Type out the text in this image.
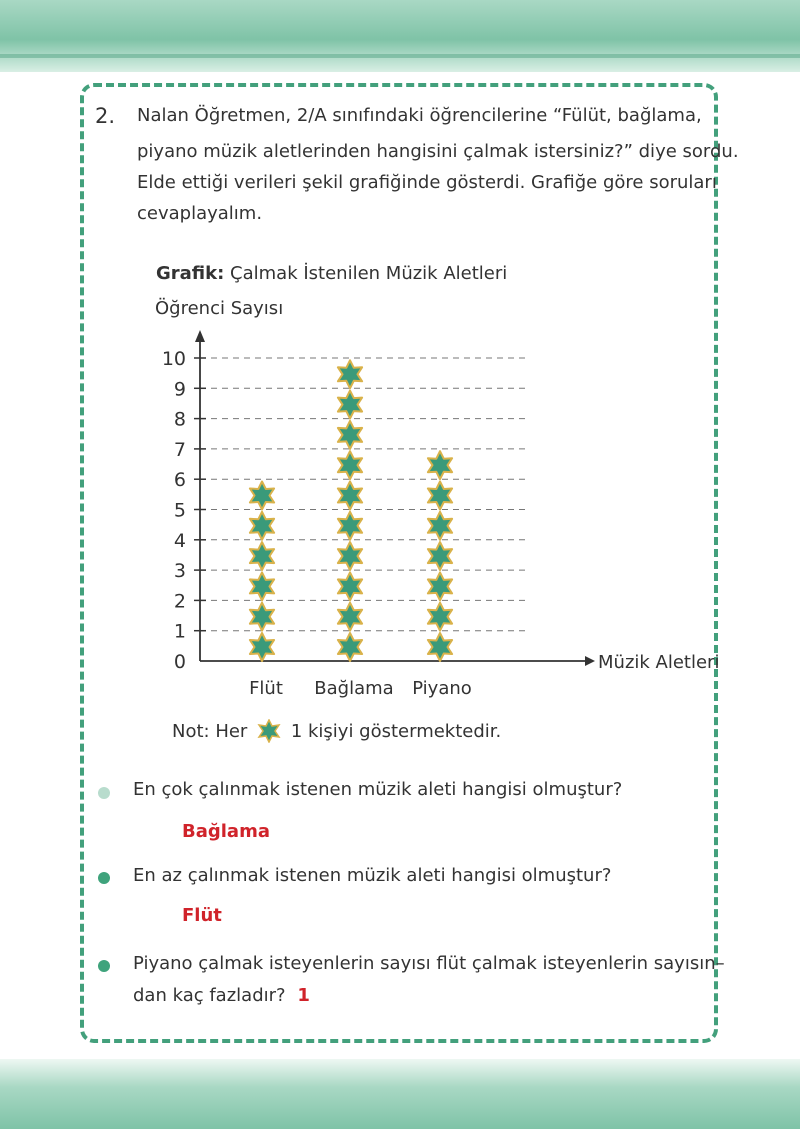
2. Nalan Öğretmen, 2/A sınıfındaki öğrencilerine “Fülüt, bağlama,
piyano müzik aletlerinden hangisini çalmak istersiniz?” diye sordu.
Elde ettiği verileri şekil grafiğinde gösterdi. Grafiğe göre soruları
cevaplayalım.
Grafik: Çalmak İstenilen Müzik Aletleri
Öğrenci Sayısı
0
1
2
3
4
5
6
7
8
9
10
Müzik Aletleri
Flüt Bağlama Piyano
Not: Her 1 kişiyi göstermektedir.
En çok çalınmak istenen müzik aleti hangisi olmuştur?
Bağlama
En az çalınmak istenen müzik aleti hangisi olmuştur?
Flüt
Piyano çalmak isteyenlerin sayısı flüt çalmak isteyenlerin sayısın–
dan kaç fazladır? 1
